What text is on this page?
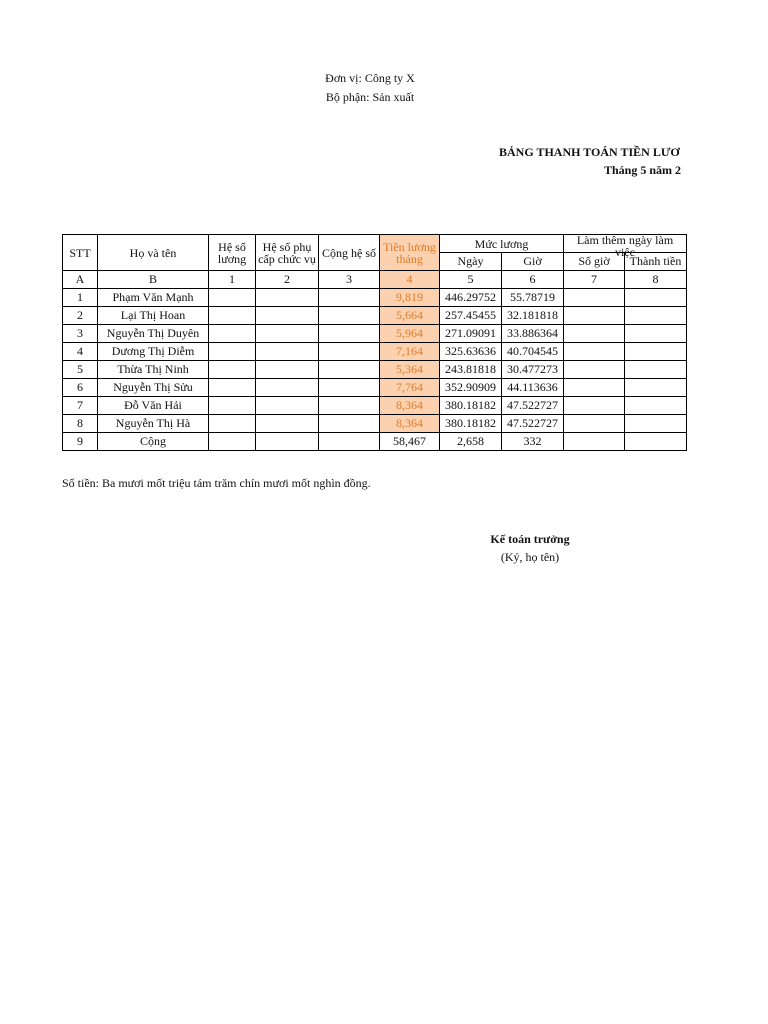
Đơn vị: Công ty X
Bộ phận: Sản xuất
BẢNG THANH TOÁN TIỀN LƯƠ
Tháng 5 năm 2
STT	Họ và tên	Hệ số lương	Hệ số phụ cấp chức vụ	Cộng hệ số	Tiền lương tháng	Mức lương		Làm thêm ngày làm việc	

						Ngày	Giờ	Số giờ	Thành tiền
A	B	1	2	3	4	5	6	7	8
1	Phạm Văn Mạnh				9,819	446.29752	55.78719		
2	Lại Thị Hoan				5,664	257.45455	32.181818		
3	Nguyễn Thị Duyên				5,964	271.09091	33.886364		
4	Dương Thị Diễm				7,164	325.63636	40.704545		
5	Thừa Thị Ninh				5,364	243.81818	30.477273		
6	Nguyễn Thị Sửu				7,764	352.90909	44.113636		
7	Đỗ Văn Hải				8,364	380.18182	47.522727		
8	Nguyễn Thị Hà				8,364	380.18182	47.522727		
9	Cộng				58,467	2,658	332		
Số tiền: Ba mươi mốt triệu tám trăm chín mươi mốt nghìn đồng.
Kế toán trưởng
(Ký, họ tên)
